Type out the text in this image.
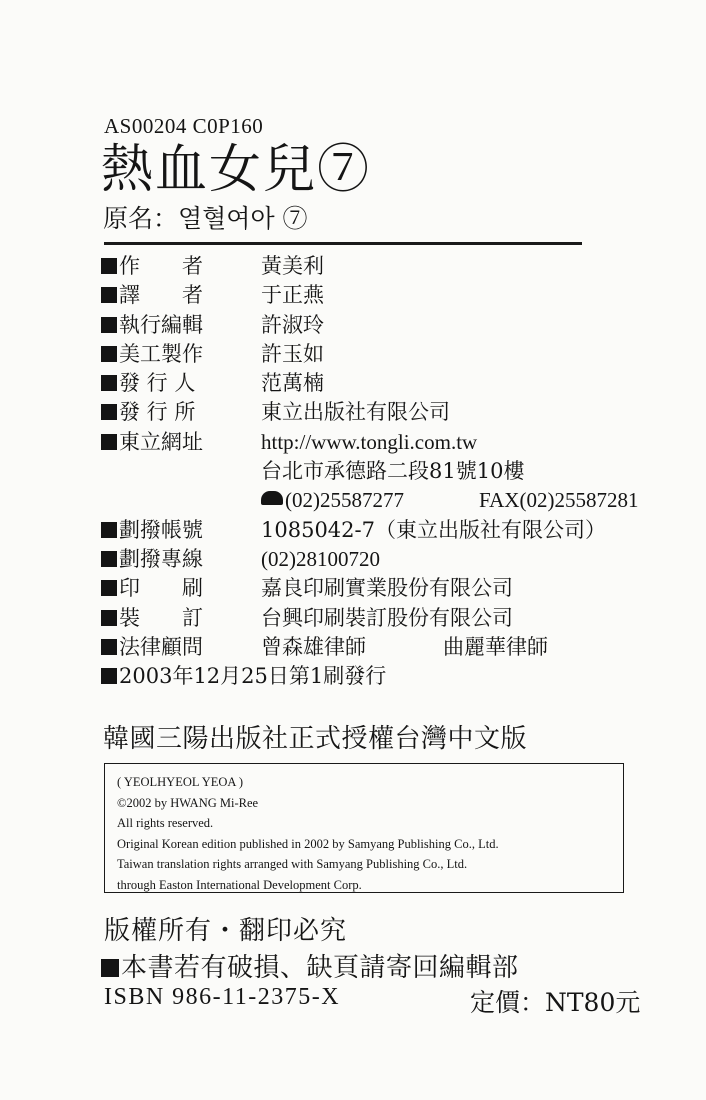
AS00204 C0P160
熱血女兒⑦
原名：열혈여아 ⑦
作　　者	黃美利
譯　　者	于正燕
執行編輯	許淑玲
美工製作	許玉如
發 行 人	范萬楠
發 行 所	東立出版社有限公司
東立網址	http://www.tongli.com.tw
台北市承德路二段81號10樓
(02)25587277	FAX(02)25587281
劃撥帳號	1085042-7（東立出版社有限公司）
劃撥專線	(02)28100720
印　　刷	嘉良印刷實業股份有限公司
裝　　訂	台興印刷裝訂股份有限公司
法律顧問	曾森雄律師	曲麗華律師
2003年12月25日第1刷發行
韓國三陽出版社正式授權台灣中文版
( YEOLHYEOL YEOA )
©2002 by HWANG Mi-Ree
All rights reserved.
Original Korean edition published in 2002 by Samyang Publishing Co., Ltd.
Taiwan translation rights arranged with Samyang Publishing Co., Ltd.
through Easton International Development Corp.
版權所有・翻印必究
本書若有破損、缺頁請寄回編輯部
ISBN 986-11-2375-X	定價：NT80元
